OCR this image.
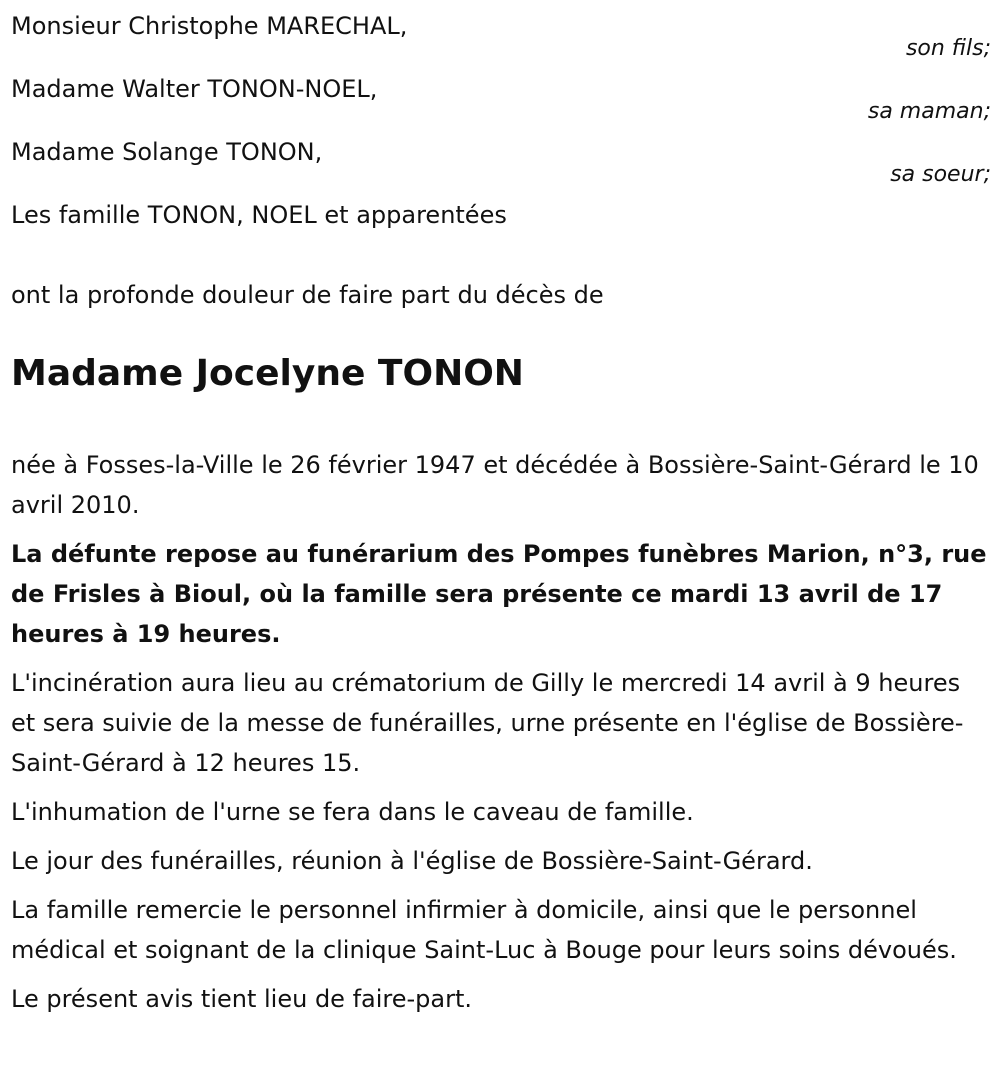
Monsieur Christophe MARECHAL,
son fils;
Madame Walter TONON-NOEL,
sa maman;
Madame Solange TONON,
sa soeur;
Les famille TONON, NOEL et apparentées
ont la profonde douleur de faire part du décès de
Madame Jocelyne TONON

née à Fosses-la-Ville le 26 février 1947 et décédée à Bossière-Saint-Gérard le 10 avril 2010.

La défunte repose au funérarium des Pompes funèbres Marion, n°3, rue de Frisles à Bioul, où la famille sera présente ce mardi 13 avril de 17 heures à 19 heures.

L'incinération aura lieu au crématorium de Gilly le mercredi 14 avril à 9 heures et sera suivie de la messe de funérailles, urne présente en l'église de Bossière-Saint-Gérard à 12 heures 15.

L'inhumation de l'urne se fera dans le caveau de famille.

Le jour des funérailles, réunion à l'église de Bossière-Saint-Gérard.

La famille remercie le personnel infirmier à domicile, ainsi que le personnel médical et soignant de la clinique Saint-Luc à Bouge pour leurs soins dévoués.

Le présent avis tient lieu de faire-part.
